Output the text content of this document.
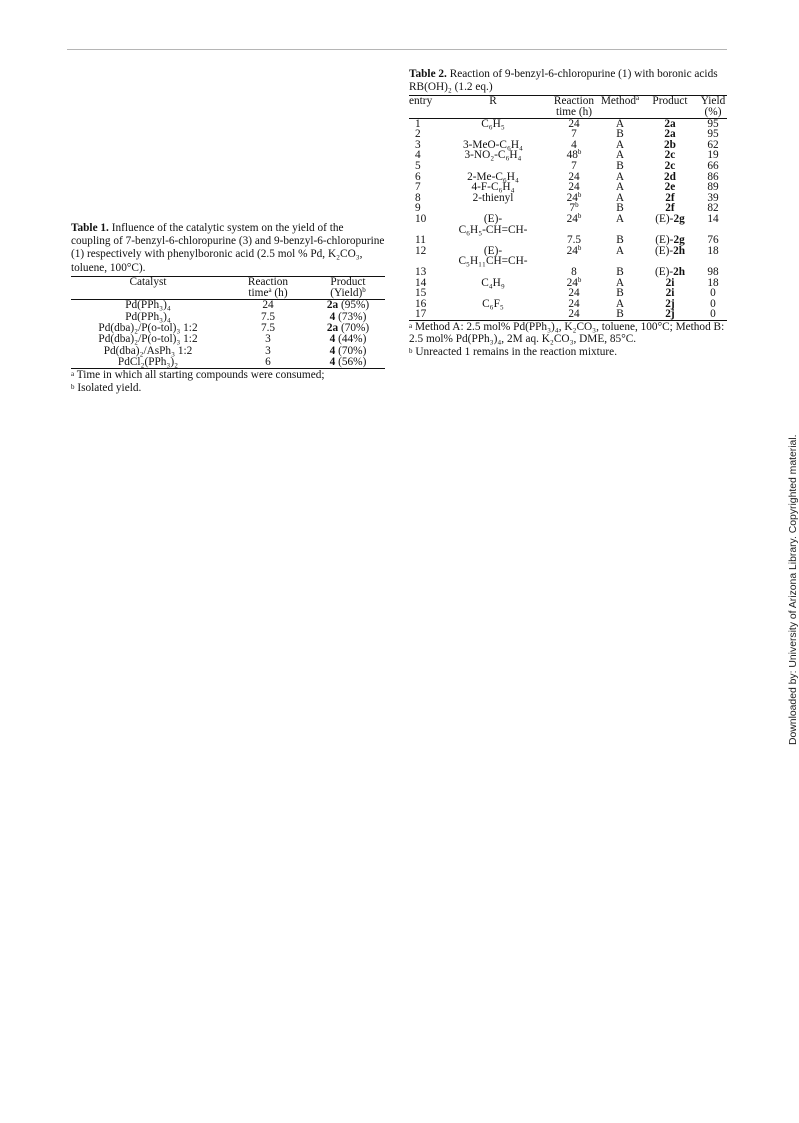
Table 1. Influence of the catalytic system on the yield of the coupling of 7-benzyl-6-chloropurine (3) and 9-benzyl-6-chloropurine (1) respectively with phenylboronic acid (2.5 mol % Pd, K₂CO₃, toluene, 100°C).

Catalyst	Reaction	Product
	time$^a$ (h)	(Yield)$^b$
Pd(PPh₃)₄	24	2a (95%)
Pd(PPh₃)₄	7.5	4 (73%)
Pd(dba)₂/P(o-tol)₃ 1:2	7.5	2a (70%)
Pd(dba)₂/P(o-tol)₃ 1:2	3	4 (44%)
Pd(dba)₂/AsPh₃ 1:2	3	4 (70%)
PdCl₂(PPh₃)₂	6	4 (56%)
$^a$ Time in which all starting compounds were consumed;
$^b$ Isolated yield.

Table 2. Reaction of 9-benzyl-6-chloropurine (1) with boronic acids RB(OH)₂ (1.2 eq.)

entry	R	Reaction	Method$^a$	Product	Yield
		time (h)			(%)
1	C₆H₅	24	A	2a	95
2		7	B	2a	95
3	3-MeO-C₆H₄	4	A	2b	62
4	3-NO₂-C₆H₄	48$^b$	A	2c	19
5		7	B	2c	66
6	2-Me-C₆H₄	24	A	2d	86
7	4-F-C₆H₄	24	A	2e	89
8	2-thienyl	24$^b$	A	2f	39
9		7$^b$	B	2f	82
10	(E)-	24$^b$	A	(E)-2g	14
	C₆H₅-CH=CH-				
11		7.5	B	(E)-2g	76
12	(E)-	24$^b$	A	(E)-2h	18
	C₅H₁₁CH=CH-				
13		8	B	(E)-2h	98
14	C₄H₉	24$^b$	A	2i	18
15		24	B	2i	0
16	C₆F₅	24	A	2j	0
17		24	B	2j	0
$^a$ Method A: 2.5 mol% Pd(PPh₃)₄, K₂CO₃, toluene, 100°C; Method B: 2.5 mol% Pd(PPh₃)₄, 2M aq. K₂CO₃, DME, 85°C.
$^b$ Unreacted 1 remains in the reaction mixture.
Downloaded by: University of Arizona Library. Copyrighted material.
